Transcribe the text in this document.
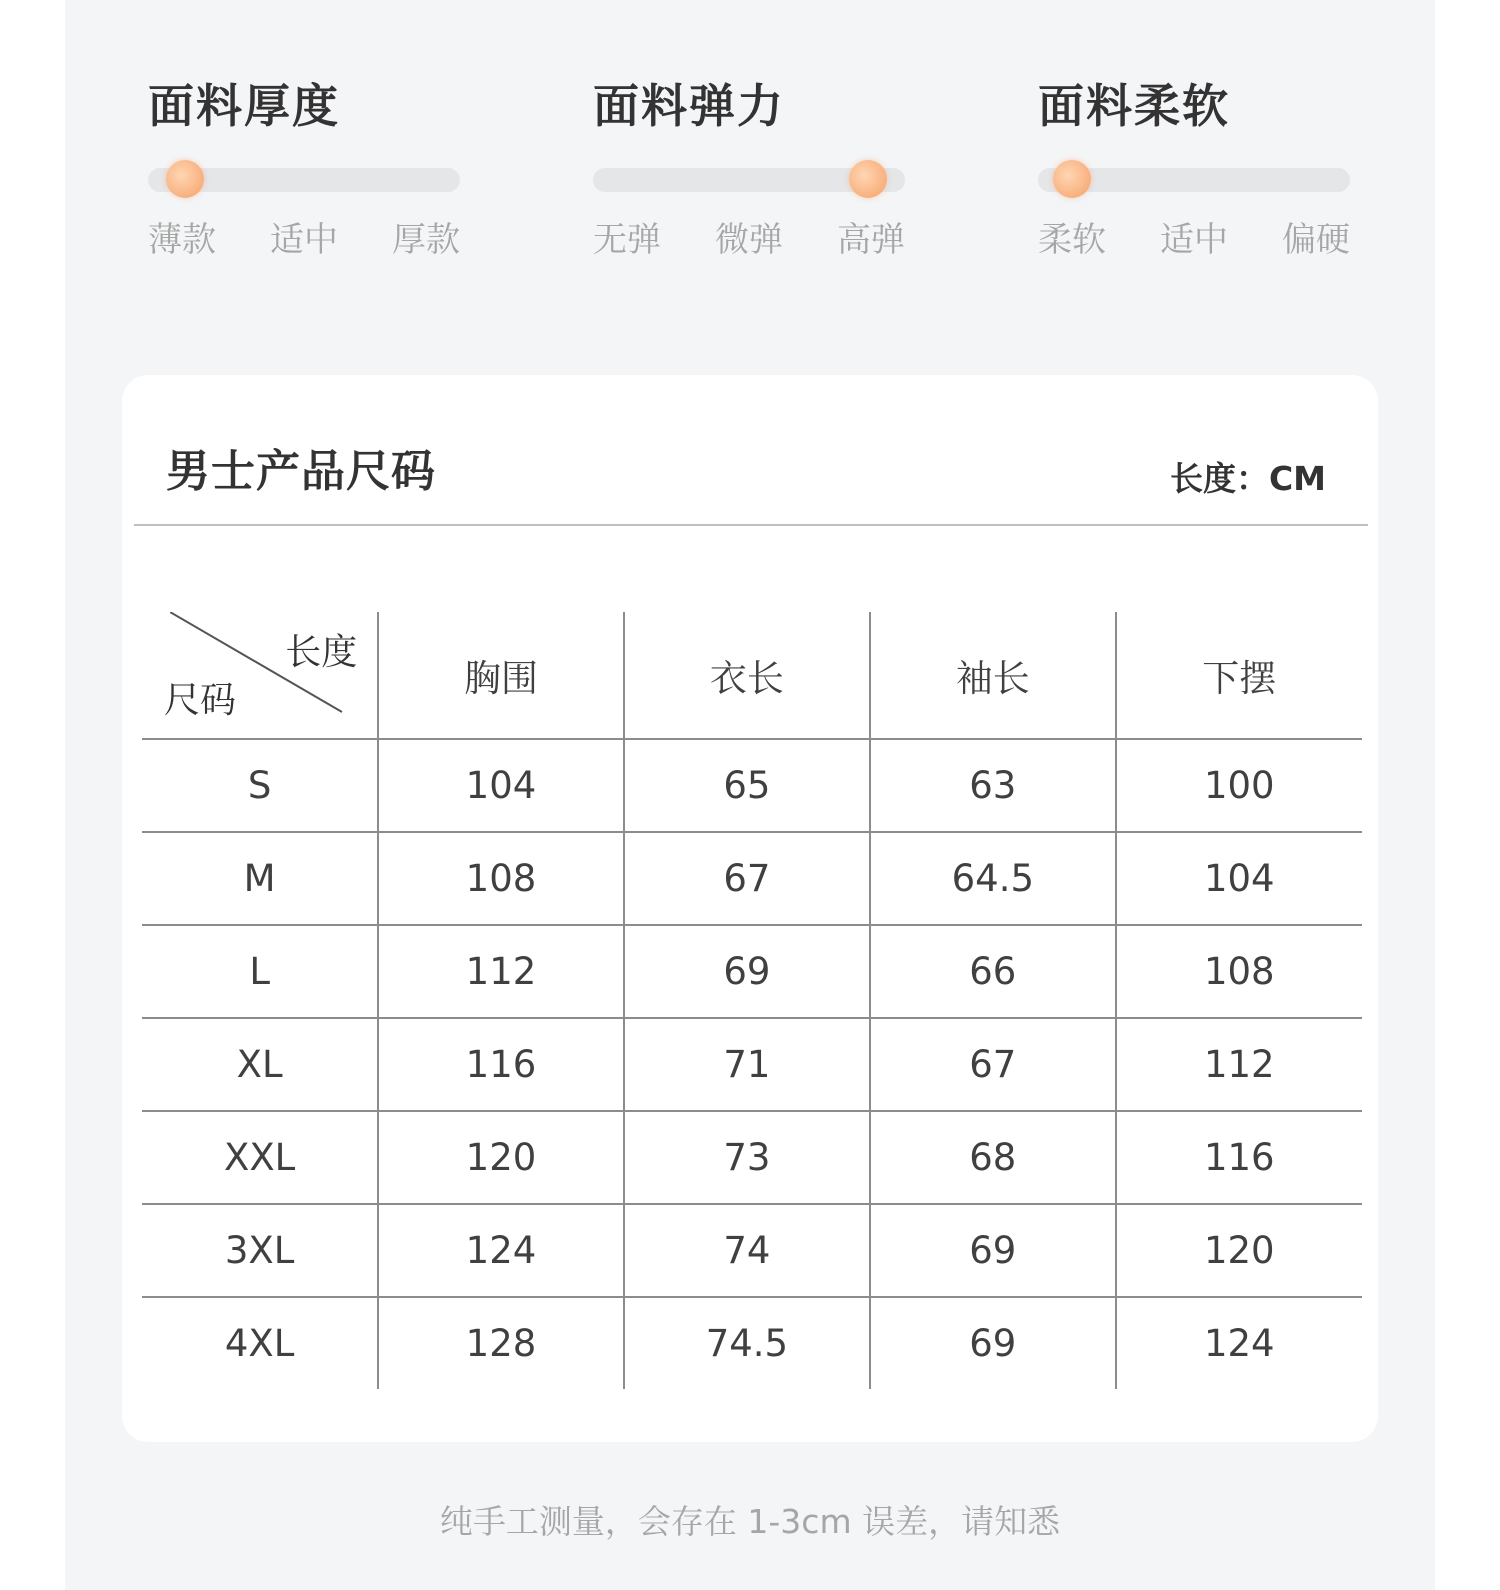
面料厚度
薄款 适中 厚款
面料弹力
无弹 微弹 高弹
面料柔软
柔软 适中 偏硬
男士产品尺码	长度：CM
长度
尺码	胸围	衣长	袖长	下摆
S	104	65	63	100
M	108	67	64.5	104
L	112	69	66	108
XL	116	71	67	112
XXL	120	73	68	116
3XL	124	74	69	120
4XL	128	74.5	69	124
纯手工测量，会存在 1-3cm 误差，请知悉
